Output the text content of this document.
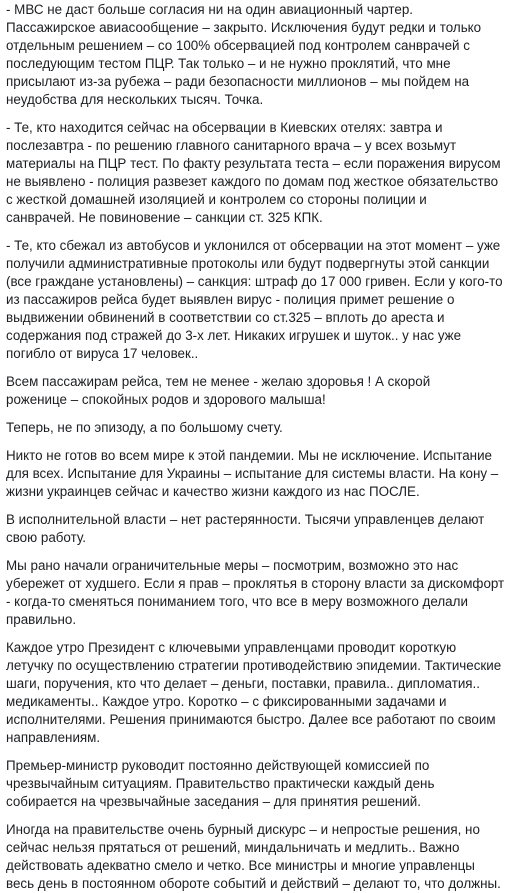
- МВС не даст больше согласия ни на один авиационный чартер.
Пассажирское авиасообщение – закрыто. Исключения будут редки и только
отдельным решением – со 100% обсервацией под контролем санврачей с
последующим тестом ПЦР. Так только – и не нужно проклятий, что мне
присылают из-за рубежа – ради безопасности миллионов – мы пойдем на
неудобства для нескольких тысяч. Точка.

- Те, кто находится сейчас на обсервации в Киевских отелях: завтра и
послезавтра - по решению главного санитарного врача – у всех возьмут
материалы на ПЦР тест. По факту результата теста – если поражения вирусом
не выявлено - полиция развезет каждого по домам под жесткое обязательство
с жесткой домашней изоляцией и контролем со стороны полиции и
санврачей. Не повиновение – санкции ст. 325 КПК.

- Те, кто сбежал из автобусов и уклонился от обсервации на этот момент – уже
получили административные протоколы или будут подвергнуты этой санкции
(все граждане установлены) – санкция: штраф до 17 000 гривен. Если у кого-то
из пассажиров рейса будет выявлен вирус - полиция примет решение о
выдвижении обвинений в соответствии со ст.325 – вплоть до ареста и
содержания под стражей до 3-х лет. Никаких игрушек и шуток.. у нас уже
погибло от вируса 17 человек..

Всем пассажирам рейса, тем не менее - желаю здоровья ! А скорой
роженице – спокойных родов и здорового малыша!

Теперь, не по эпизоду, а по большому счету.

Никто не готов во всем мире к этой пандемии. Мы не исключение. Испытание
для всех. Испытание для Украины – испытание для системы власти. На кону –
жизни украинцев сейчас и качество жизни каждого из нас ПОСЛЕ.

В исполнительной власти – нет растерянности. Тысячи управленцев делают
свою работу.

Мы рано начали ограничительные меры – посмотрим, возможно это нас
убережет от худшего. Если я прав – проклятья в сторону власти за дискомфорт
- когда-то сменяться пониманием того, что все в меру возможного делали
правильно.

Каждое утро Президент с ключевыми управленцами проводит короткую
летучку по осуществлению стратегии противодействию эпидемии. Тактические
шаги, поручения, кто что делает – деньги, поставки, правила.. дипломатия..
медикаменты.. Каждое утро. Коротко – с фиксированными задачами и
исполнителями. Решения принимаются быстро. Далее все работают по своим
направлениям.

Премьер-министр руководит постоянно действующей комиссией по
чрезвычайным ситуациям. Правительство практически каждый день
собирается на чрезвычайные заседания – для принятия решений.

Иногда на правительстве очень бурный дискурс – и непростые решения, но
сейчас нельзя прятаться от решений, миндальничать и медлить.. Важно
действовать адекватно смело и четко. Все министры и многие управленцы
весь день в постоянном обороте событий и действий – делают то, что должны.
